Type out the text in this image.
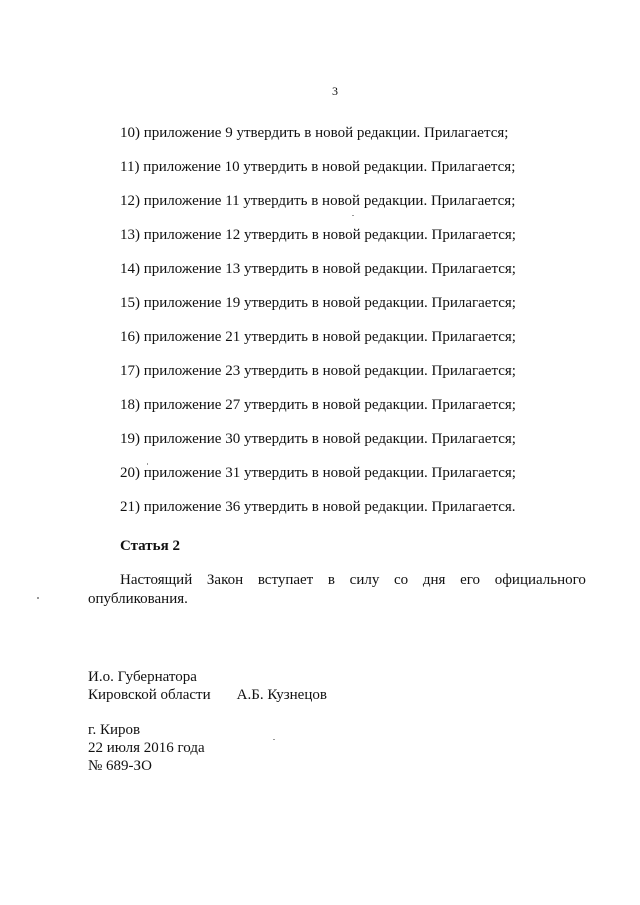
3
10) приложение 9 утвердить в новой редакции. Прилагается;
11) приложение 10 утвердить в новой редакции. Прилагается;
12) приложение 11 утвердить в новой редакции. Прилагается;
13) приложение 12 утвердить в новой редакции. Прилагается;
14) приложение 13 утвердить в новой редакции. Прилагается;
15) приложение 19 утвердить в новой редакции. Прилагается;
16) приложение 21 утвердить в новой редакции. Прилагается;
17) приложение 23 утвердить в новой редакции. Прилагается;
18) приложение 27 утвердить в новой редакции. Прилагается;
19) приложение 30 утвердить в новой редакции. Прилагается;
20) приложение 31 утвердить в новой редакции. Прилагается;
21) приложение 36 утвердить в новой редакции. Прилагается.
Статья 2
Настоящий Закон вступает в силу со дня его официального
опубликования.
И.о. Губернатора
Кировской области А.Б. Кузнецов
г. Киров
22 июля 2016 года
№ 689-ЗО
